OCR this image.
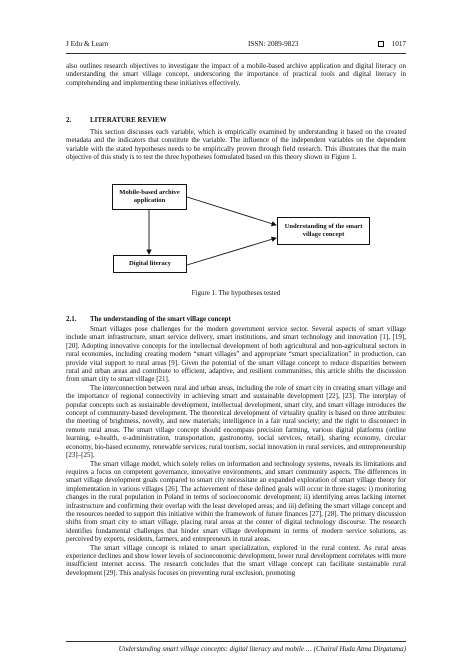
J Edu & Learn	ISSN: 2089-9823	1017

also outlines research objectives to investigate the impact of a mobile-based archive application and digital literacy on understanding the smart village concept, underscoring the importance of practical tools and digital literacy in comprehending and implementing these initiatives effectively.

2.	LITERATURE REVIEW

This section discusses each variable, which is empirically examined by understanding it based on the created metadata and the indicators that constitute the variable. The influence of the independent variables on the dependent variable with the stated hypotheses needs to be empirically proven through field research. This illustrates that the main objective of this study is to test the three hypotheses formulated based on this theory shown in Figure 1.

Mobile-based archive application
Digital literacy
Understanding of the smart village concept
Figure 1. The hypotheses tested
2.1. The understanding of the smart village concept

Smart villages pose challenges for the modern government service sector. Several aspects of smart village include smart infrastructure, smart service delivery, smart institutions, and smart technology and innovation [1], [19], [20]. Adopting innovative concepts for the intellectual development of both agricultural and non-agricultural sectors in rural economies, including creating modern “smart villages” and appropriate “smart specialization” in production, can provide vital support to rural areas [9]. Given the potential of the smart village concept to reduce disparities between rural and urban areas and contribute to efficient, adaptive, and resilient communities, this article shifts the discussion from smart city to smart village [21].

The interconnection between rural and urban areas, including the role of smart city in creating smart village and the importance of regional connectivity in achieving smart and sustainable development [22], [23]. The interplay of popular concepts such as sustainable development, intellectual development, smart city, and smart village introduces the concept of community-based development. The theoretical development of virtuality quality is based on three attributes: the meeting of brightness, novelty, and new materials; intelligence in a fair rural society; and the right to disconnect in remote rural areas. The smart village concept should encompass precision farming, various digital platforms (online learning, e-health, e-administration, transportation, gastronomy, social services, retail), sharing economy, circular economy, bio-based economy, renewable services, rural tourism, social innovation in rural services, and entrepreneurship [23]–[25].

The smart village model, which solely relies on information and technology systems, reveals its limitations and requires a focus on competent governance, innovative environments, and smart community aspects. The differences in smart village development goals compared to smart city necessitate an expanded exploration of smart village theory for implementation in various villages [26]. The achievement of these defined goals will occur in three stages: i) monitoring changes in the rural population in Poland in terms of socioeconomic development; ii) identifying areas lacking internet infrastructure and confirming their overlap with the least developed areas; and iii) defining the smart village concept and the resources needed to support this initiative within the framework of future finances [27], [28]. The primary discussion shifts from smart city to smart village, placing rural areas at the center of digital technology discourse. The research identifies fundamental challenges that hinder smart village development in terms of modern service solutions, as perceived by experts, residents, farmers, and entrepreneurs in rural areas.

The smart village concept is related to smart specialization, explored in the rural context. As rural areas experience declines and show lower levels of socioeconomic development, lower rural development correlates with more insufficient internet access. The research concludes that the smart village concept can facilitate sustainable rural development [29]. This analysis focuses on preventing rural exclusion, promoting

Understanding smart village concepts: digital literacy and mobile … (Chairul Huda Atma Dirgatama)
